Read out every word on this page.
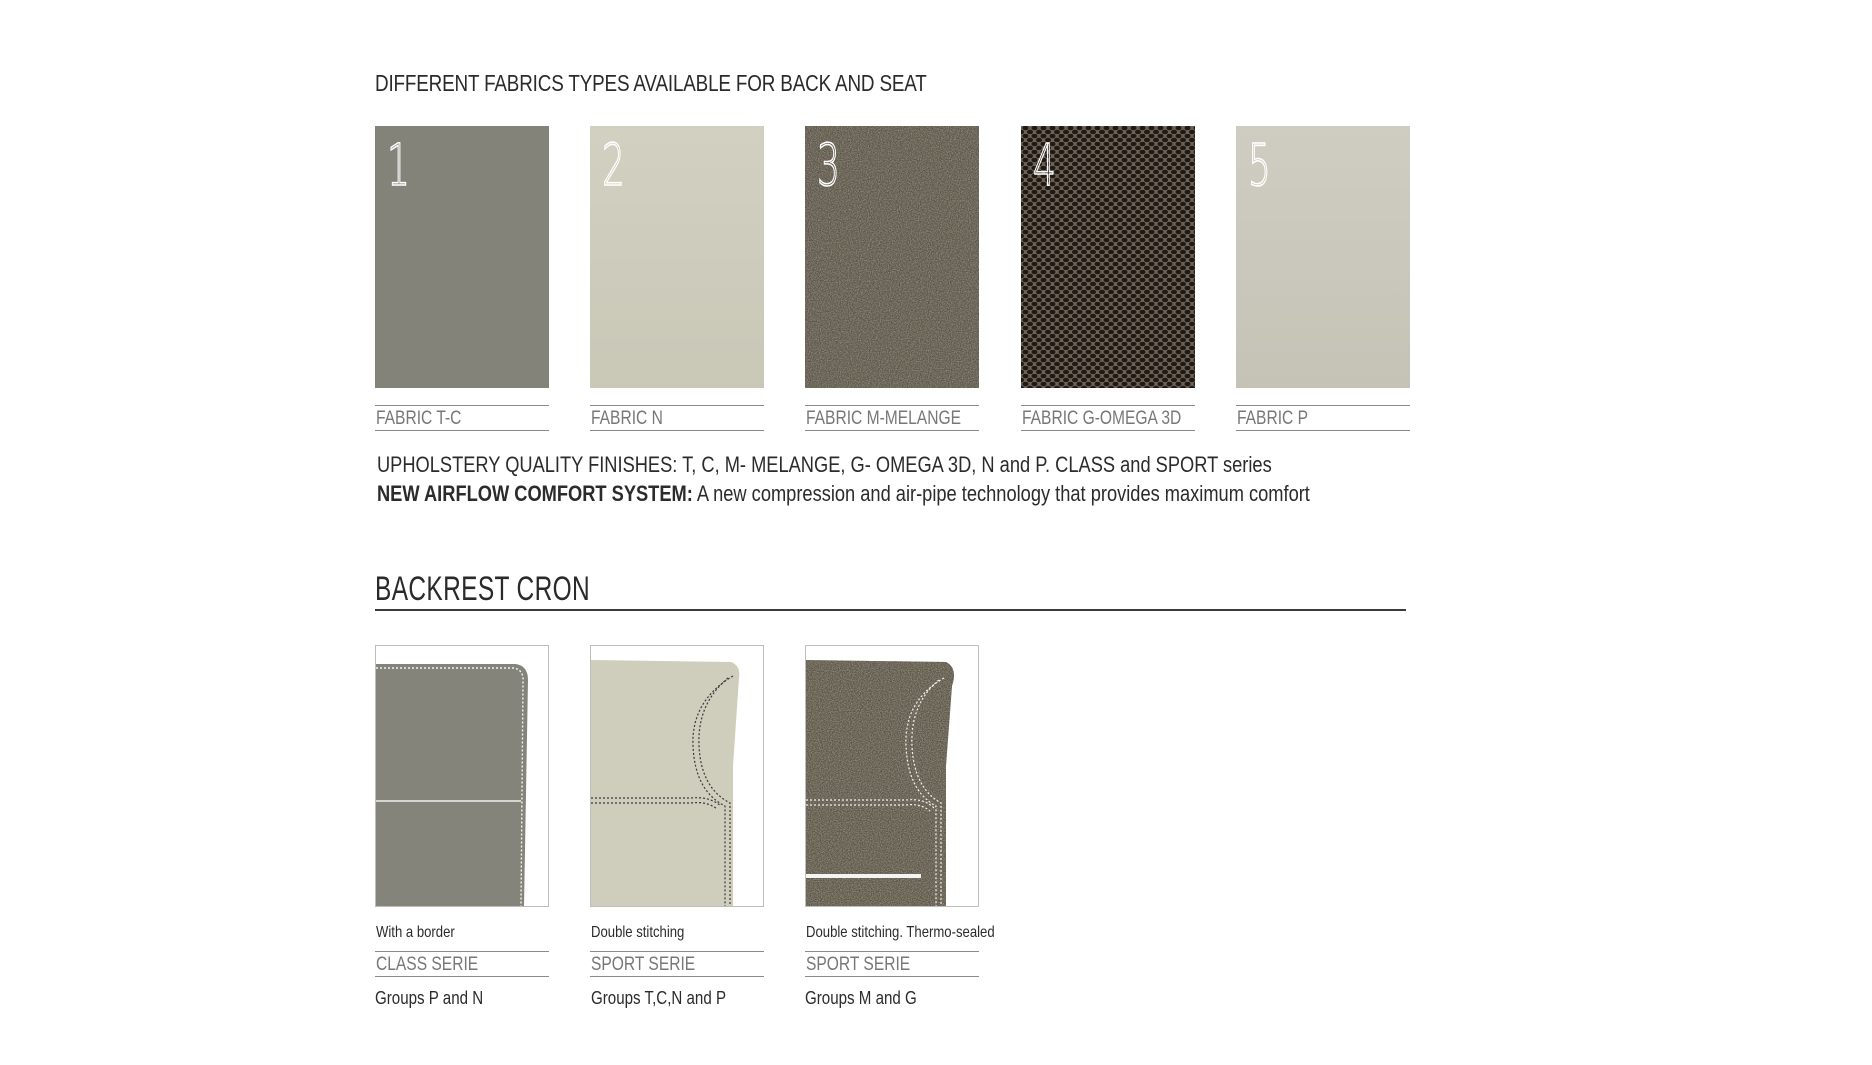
DIFFERENT FABRICS TYPES AVAILABLE FOR BACK AND SEAT
1	2	3	4	5
FABRIC T-C	FABRIC N	FABRIC M-MELANGE	FABRIC G-OMEGA 3D	FABRIC P
UPHOLSTERY QUALITY FINISHES: T, C, M- MELANGE, G- OMEGA 3D, N and P. CLASS and SPORT series
NEW AIRFLOW COMFORT SYSTEM: A new compression and air-pipe technology that provides maximum comfort
BACKREST CRON
With a border	Double stitching	Double stitching. Thermo-sealed
CLASS SERIE	SPORT SERIE	SPORT SERIE
Groups P and N	Groups T,C,N and P	Groups M and G
